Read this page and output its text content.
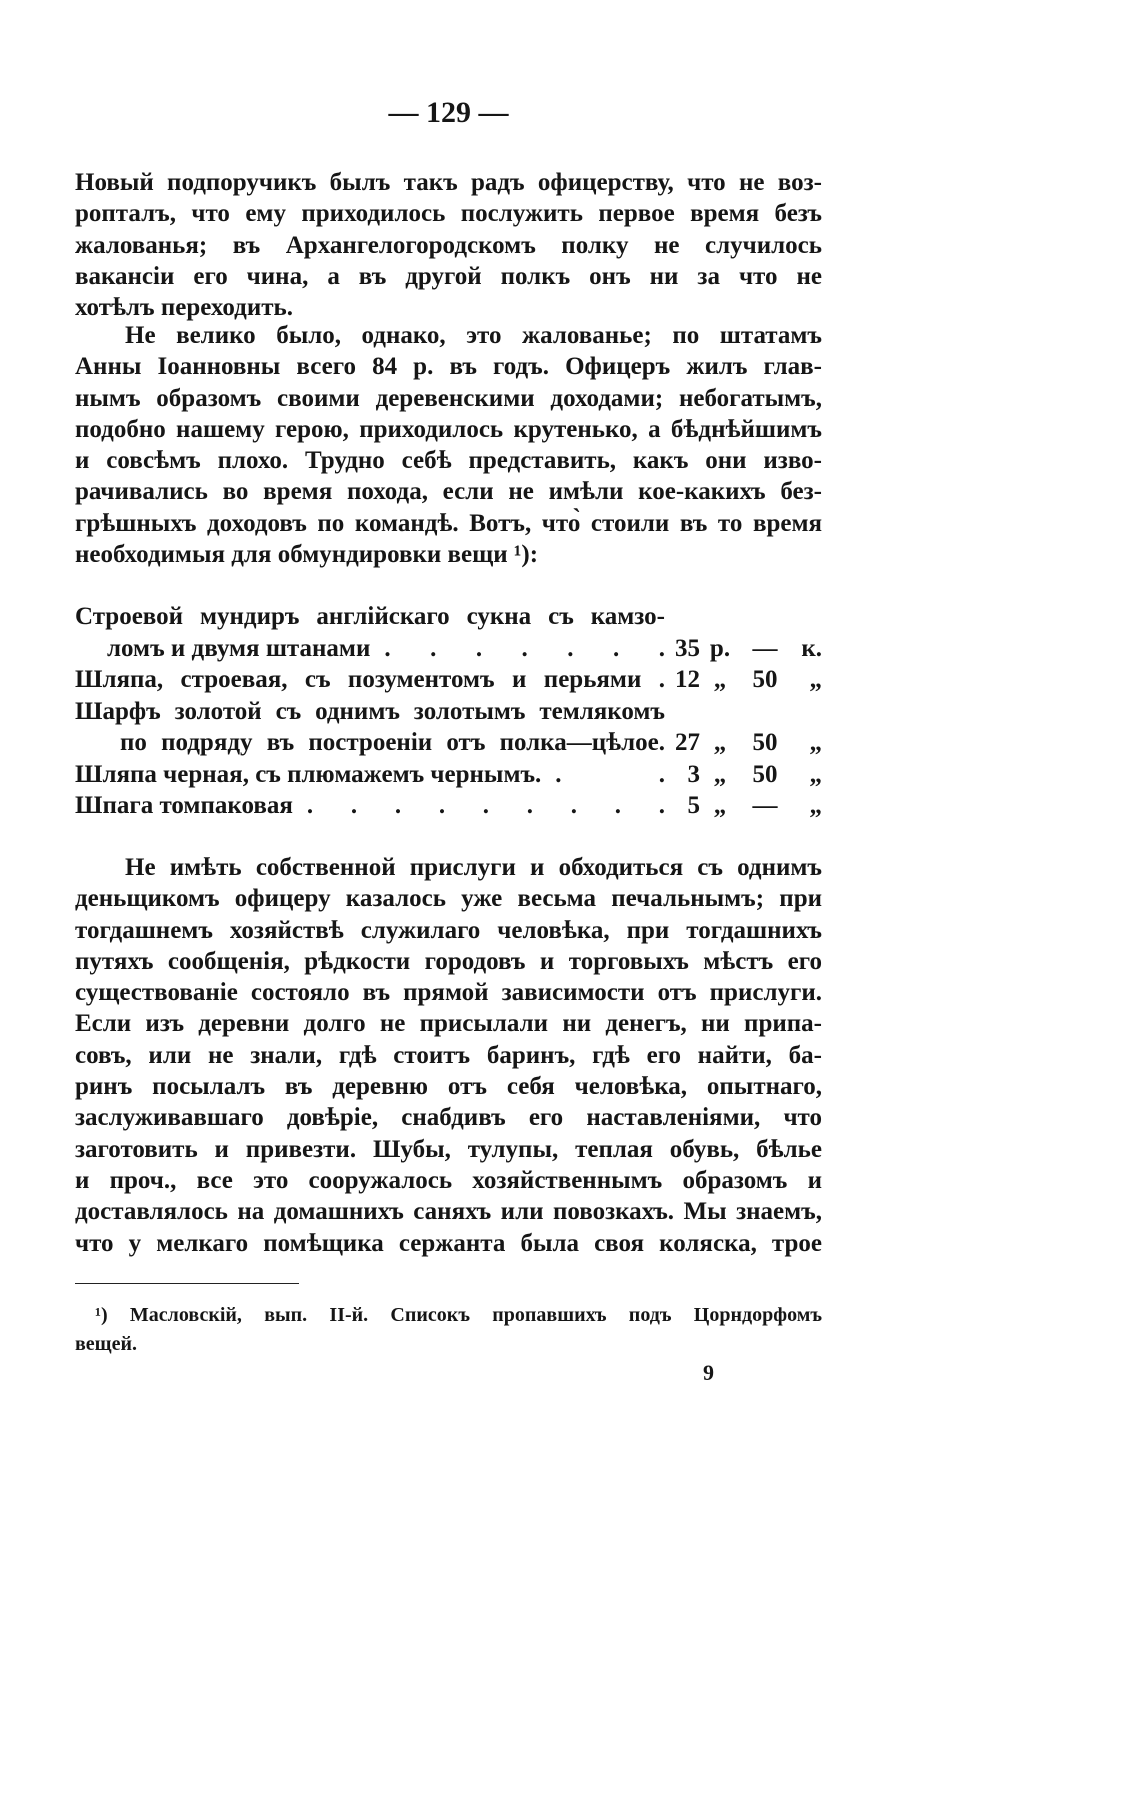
— 129 —
Новый подпоручикъ былъ такъ радъ офицерству, что не воз-
ропталъ, что ему приходилось послужить первое время безъ
жалованья; въ Архангелогородскомъ полку не случилось
вакансіи его чина, а въ другой полкъ онъ ни за что не
хотѣлъ переходить.
Не велико было, однако, это жалованье; по штатамъ
Анны Іоанновны всего 84 р. въ годъ. Офицеръ жилъ глав-
нымъ образомъ своими деревенскими доходами; небогатымъ,
подобно нашему герою, приходилось крутенько, а бѣднѣйшимъ
и совсѣмъ плохо. Трудно себѣ представить, какъ они изво-
рачивались во время похода, если не имѣли кое-какихъ без-
грѣшныхъ доходовъ по командѣ. Вотъ, что̀ стоили въ то время
необходимыя для обмундировки вещи ¹):
Строевой мундиръ англійскаго сукна съ камзо-
ломъ и двумя штанами . . . . . . . 35 р. — к.
Шляпа, строевая, съ позументомъ и перьями . 12 „	50	„
Шарфъ золотой съ однимъ золотымъ темлякомъ
по подряду въ построеніи отъ полка—цѣлое. 27 „	50	„
Шляпа черная, съ плюмажемъ чернымъ. . . 3 „	50	„
Шпага томпаковая . . . . . . . . . 5 „	—	„
Не имѣть собственной прислуги и обходиться съ однимъ
деньщикомъ офицеру казалось уже весьма печальнымъ; при
тогдашнемъ хозяйствѣ служилаго человѣка, при тогдашнихъ
путяхъ сообщенія, рѣдкости городовъ и торговыхъ мѣстъ его
существованіе состояло въ прямой зависимости отъ прислуги.
Если изъ деревни долго не присылали ни денегъ, ни припа-
совъ, или не знали, гдѣ стоитъ баринъ, гдѣ его найти, ба-
ринъ посылалъ въ деревню отъ себя человѣка, опытнаго,
заслуживавшаго довѣріе, снабдивъ его наставленіями, что
заготовить и привезти. Шубы, тулупы, теплая обувь, бѣлье
и проч., все это сооружалось хозяйственнымъ образомъ и
доставлялось на домашнихъ саняхъ или повозкахъ. Мы знаемъ,
что у мелкаго помѣщика сержанта была своя коляска, трое
¹) Масловскій, вып. II-й. Списокъ пропавшихъ подъ Цорндорфомъ
вещей.
9
